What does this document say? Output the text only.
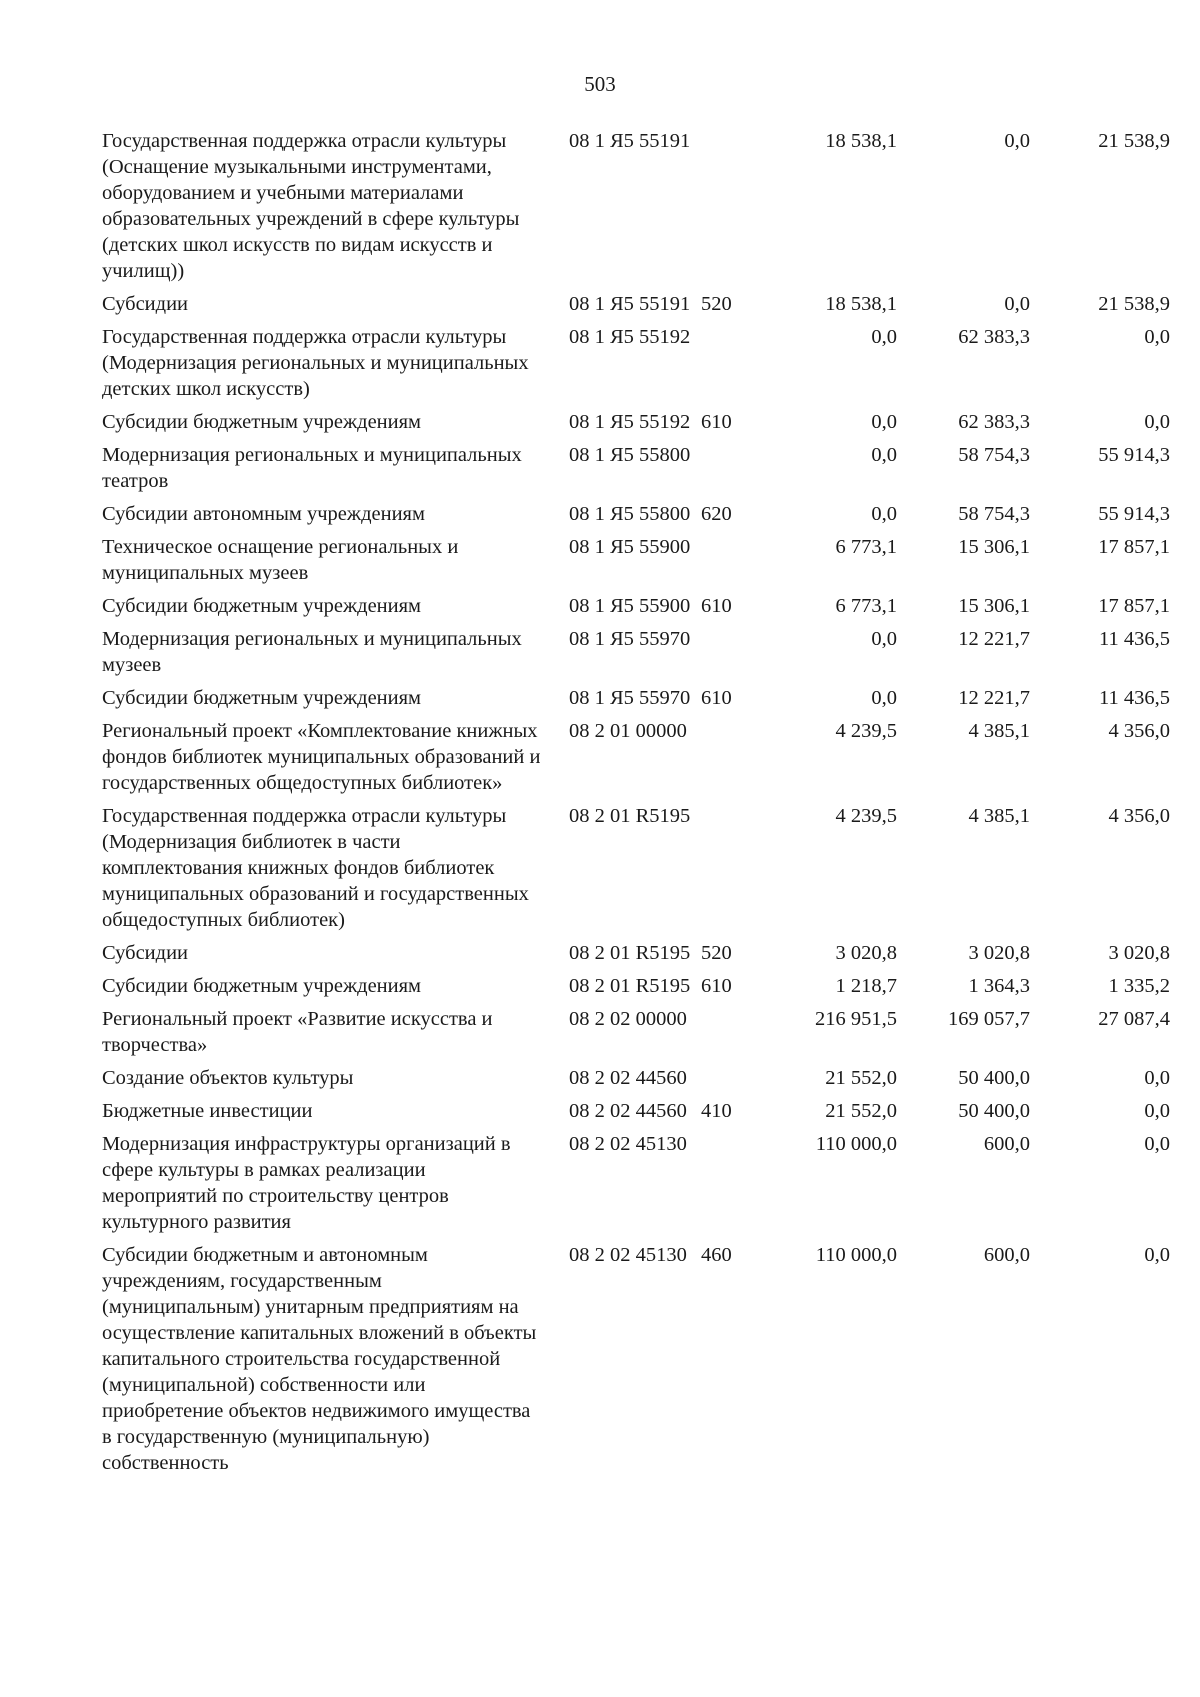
503
Государственная поддержка отрасли культуры (Оснащение музыкальными инструментами, оборудованием и учебными материалами образовательных учреждений в сфере культуры (детских школ искусств по видам искусств и училищ))	08 1 Я5 55191		18 538,1	0,0	21 538,9
Субсидии	08 1 Я5 55191	520	18 538,1	0,0	21 538,9
Государственная поддержка отрасли культуры (Модернизация региональных и муниципальных детских школ искусств)	08 1 Я5 55192		0,0	62 383,3	0,0
Субсидии бюджетным учреждениям	08 1 Я5 55192	610	0,0	62 383,3	0,0
Модернизация региональных и муниципальных театров	08 1 Я5 55800		0,0	58 754,3	55 914,3
Субсидии автономным учреждениям	08 1 Я5 55800	620	0,0	58 754,3	55 914,3
Техническое оснащение региональных и муниципальных музеев	08 1 Я5 55900		6 773,1	15 306,1	17 857,1
Субсидии бюджетным учреждениям	08 1 Я5 55900	610	6 773,1	15 306,1	17 857,1
Модернизация региональных и муниципальных музеев	08 1 Я5 55970		0,0	12 221,7	11 436,5
Субсидии бюджетным учреждениям	08 1 Я5 55970	610	0,0	12 221,7	11 436,5
Региональный проект «Комплектование книжных фондов библиотек муниципальных образований и государственных общедоступных библиотек»	08 2 01 00000		4 239,5	4 385,1	4 356,0
Государственная поддержка отрасли культуры (Модернизация библиотек в части комплектования книжных фондов библиотек муниципальных образований и государственных общедоступных библиотек)	08 2 01 R5195		4 239,5	4 385,1	4 356,0
Субсидии	08 2 01 R5195	520	3 020,8	3 020,8	3 020,8
Субсидии бюджетным учреждениям	08 2 01 R5195	610	1 218,7	1 364,3	1 335,2
Региональный проект «Развитие искусства и творчества»	08 2 02 00000		216 951,5	169 057,7	27 087,4
Создание объектов культуры	08 2 02 44560		21 552,0	50 400,0	0,0
Бюджетные инвестиции	08 2 02 44560	410	21 552,0	50 400,0	0,0
Модернизация инфраструктуры организаций в сфере культуры в рамках реализации мероприятий по строительству центров культурного развития	08 2 02 45130		110 000,0	600,0	0,0
Субсидии бюджетным и автономным учреждениям, государственным (муниципальным) унитарным предприятиям на осуществление капитальных вложений в объекты капитального строительства государственной (муниципальной) собственности или приобретение объектов недвижимого имущества в государственную (муниципальную) собственность	08 2 02 45130	460	110 000,0	600,0	0,0
